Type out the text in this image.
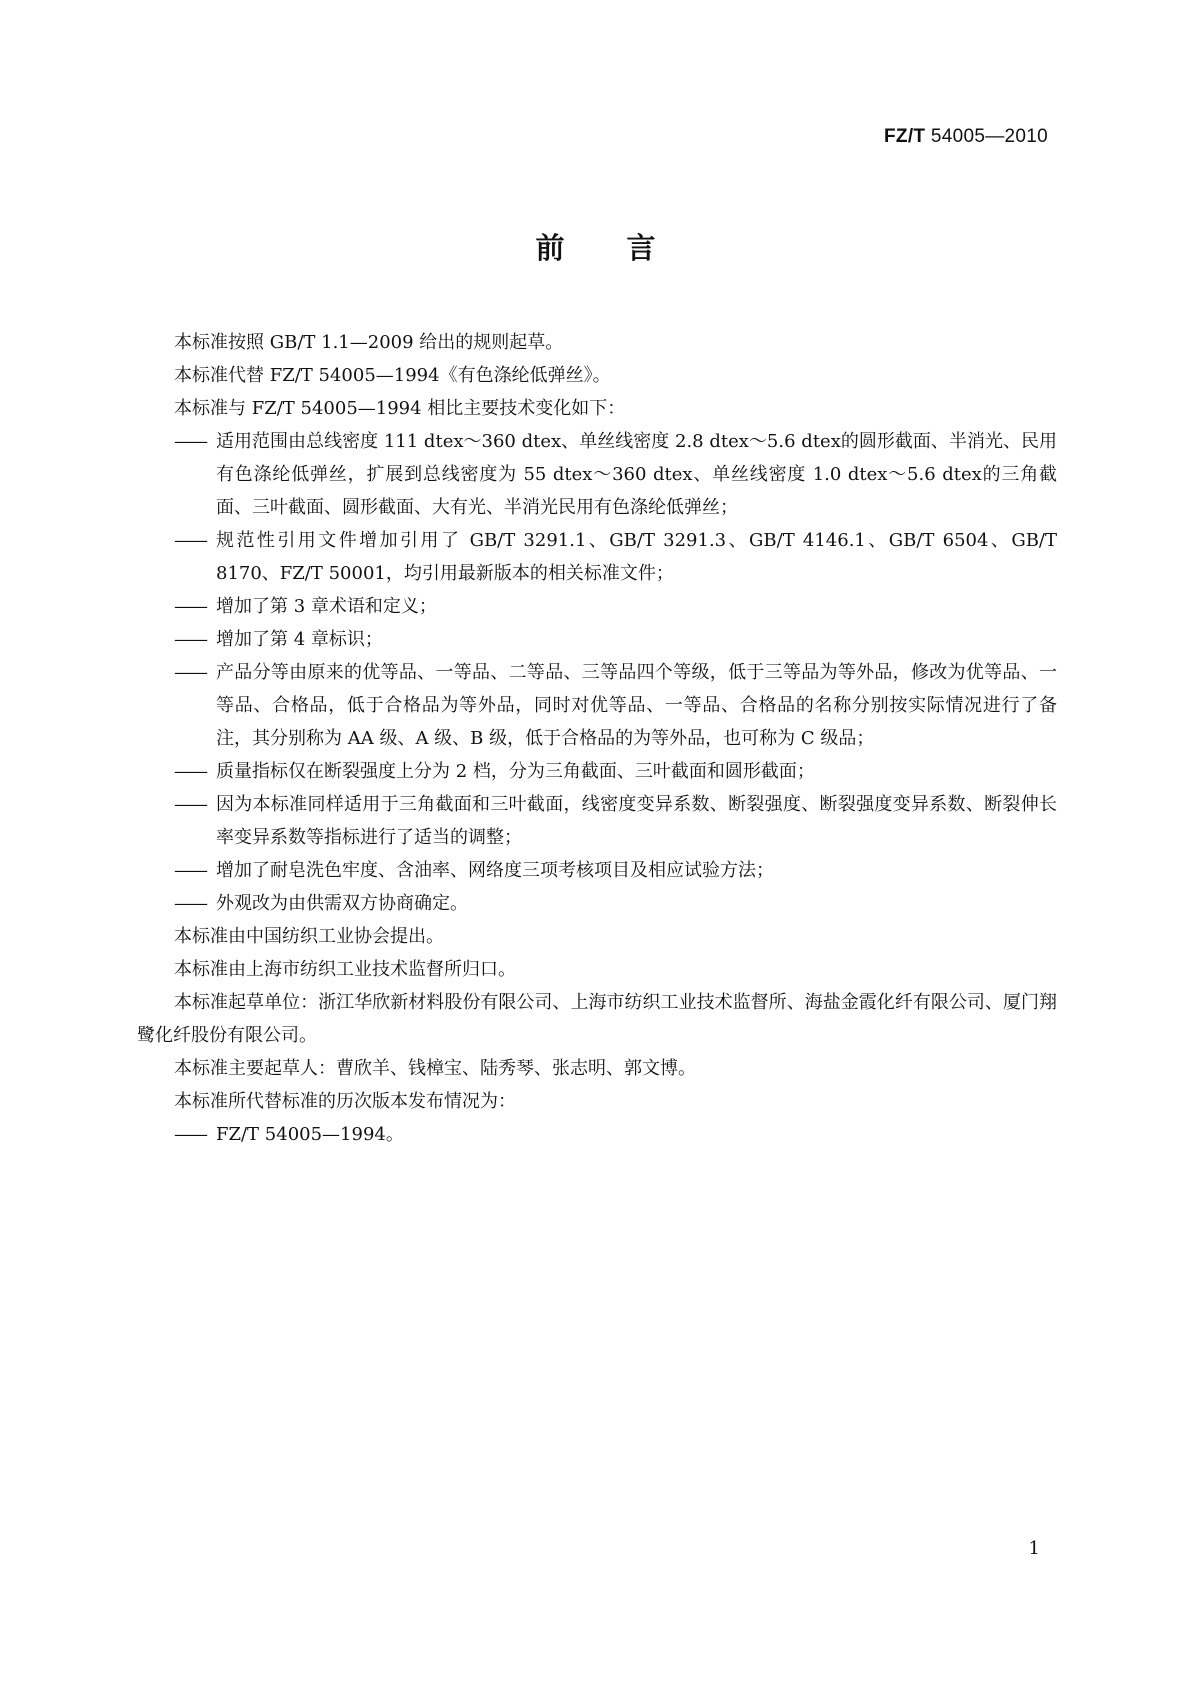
FZ/T 54005—2010
前言

本标准按照 GB/T 1.1—2009 给出的规则起草。

本标准代替 FZ/T 54005—1994《有色涤纶低弹丝》。

本标准与 FZ/T 54005—1994 相比主要技术变化如下：

—— 适用范围由总线密度 111 dtex～360 dtex、单丝线密度 2.8 dtex～5.6 dtex的圆形截面、半消光、民用有色涤纶低弹丝，扩展到总线密度为 55 dtex～360 dtex、单丝线密度 1.0 dtex～5.6 dtex的三角截面、三叶截面、圆形截面、大有光、半消光民用有色涤纶低弹丝；
—— 规范性引用文件增加引用了 GB/T 3291.1、GB/T 3291.3、GB/T 4146.1、GB/T 6504、GB/T 8170、FZ/T 50001，均引用最新版本的相关标准文件；
—— 增加了第 3 章术语和定义；
—— 增加了第 4 章标识；
—— 产品分等由原来的优等品、一等品、二等品、三等品四个等级，低于三等品为等外品，修改为优等品、一等品、合格品，低于合格品为等外品，同时对优等品、一等品、合格品的名称分别按实际情况进行了备注，其分别称为 AA 级、A 级、B 级，低于合格品的为等外品，也可称为 C 级品；
—— 质量指标仅在断裂强度上分为 2 档，分为三角截面、三叶截面和圆形截面；
—— 因为本标准同样适用于三角截面和三叶截面，线密度变异系数、断裂强度、断裂强度变异系数、断裂伸长率变异系数等指标进行了适当的调整；
—— 增加了耐皂洗色牢度、含油率、网络度三项考核项目及相应试验方法；
—— 外观改为由供需双方协商确定。

本标准由中国纺织工业协会提出。

本标准由上海市纺织工业技术监督所归口。

本标准起草单位：浙江华欣新材料股份有限公司、上海市纺织工业技术监督所、海盐金霞化纤有限公司、厦门翔鹭化纤股份有限公司。

本标准主要起草人：曹欣羊、钱樟宝、陆秀琴、张志明、郭文博。

本标准所代替标准的历次版本发布情况为：

—— FZ/T 54005—1994。
1
